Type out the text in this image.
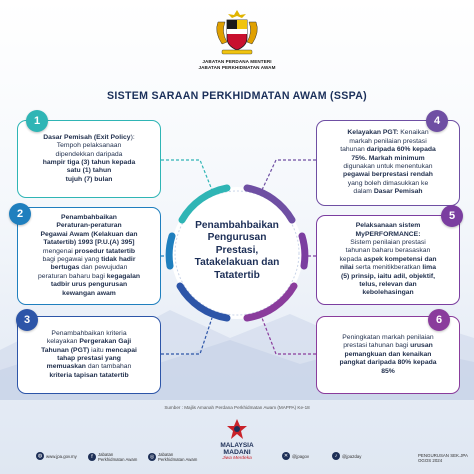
JABATAN PERDANA MENTERI
JABATAN PERKHIDMATAN AWAM
SISTEM SARAAN PERKHIDMATAN AWAM (SSPA)
Dasar Pemisah (Exit Policy):
Tempoh pelaksanaan
dipendekkan daripada
hampir tiga (3) tahun kepada
satu (1) tahun
tujuh (7) bulan
Penambahbaikan
Peraturan-peraturan
Pegawai Awam (Kelakuan dan
Tatatertib) 1993 [P.U.(A) 395]
mengenai prosedur tatatertib
bagi pegawai yang tidak hadir
bertugas dan pewujudan
peraturan baharu bagi kegagalan
tadbir urus pengurusan
kewangan awam
Penambahbaikan kriteria
kelayakan Pergerakan Gaji
Tahunan (PGT) iaitu mencapai
tahap prestasi yang
memuaskan dan tambahan
kriteria tapisan tatatertib
Kelayakan PGT: Kenaikan
markah penilaian prestasi
tahunan daripada 60% kepada
75%. Markah minimum
digunakan untuk menentukan
pegawai berprestasi rendah
yang boleh dimasukkan ke
dalam Dasar Pemisah
Pelaksanaan sistem
MyPERFORMANCE:
Sistem penilaian prestasi
tahunan baharu berasaskan
kepada aspek kompetensi dan
nilai serta menitikberatkan lima
(5) prinsip, iaitu adil, objektif,
telus, relevan dan
kebolehasingan
Peningkatan markah penilaian
prestasi tahunan bagi urusan
pemangkuan dan kenaikan
pangkat daripada 80% kepada
85%
1
2
3
4
5
6
Penambahbaikan
Pengurusan
Prestasi,
Tatakelakuan dan
Tatatertib
Sumber : Majlis Amanah Perdana Perkhidmatan Awam (MAPPA) Ke-18
MALAYSIA
MADANI
Jiwa Merdeka
◍ www.jpa.gov.my	f	Jabatan
Perkhidmatan Awam	◎ Jabatan
Perkhidmatan Awam
✕ @jpagov	♪	@jpa2day	PENGURUSAN SEK.JPA
OGOS 2024
